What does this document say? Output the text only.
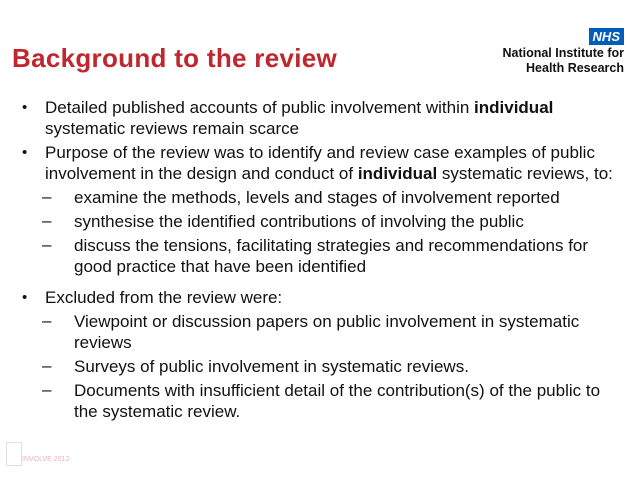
Background to the review
NHS
National Institute for
Health Research

• Detailed published accounts of public involvement within individual systematic reviews remain scarce

• Purpose of the review was to identify and review case examples of public involvement in the design and conduct of individual systematic reviews, to:

– examine the methods, levels and stages of involvement reported

– synthesise the identified contributions of involving the public

– discuss the tensions, facilitating strategies and recommendations for good practice that have been identified

• Excluded from the review were:

– Viewpoint or discussion papers on public involvement in systematic reviews

– Surveys of public involvement in systematic reviews.

– Documents with insufficient detail of the contribution(s) of the public to the systematic review.

INVOLVE 2012
